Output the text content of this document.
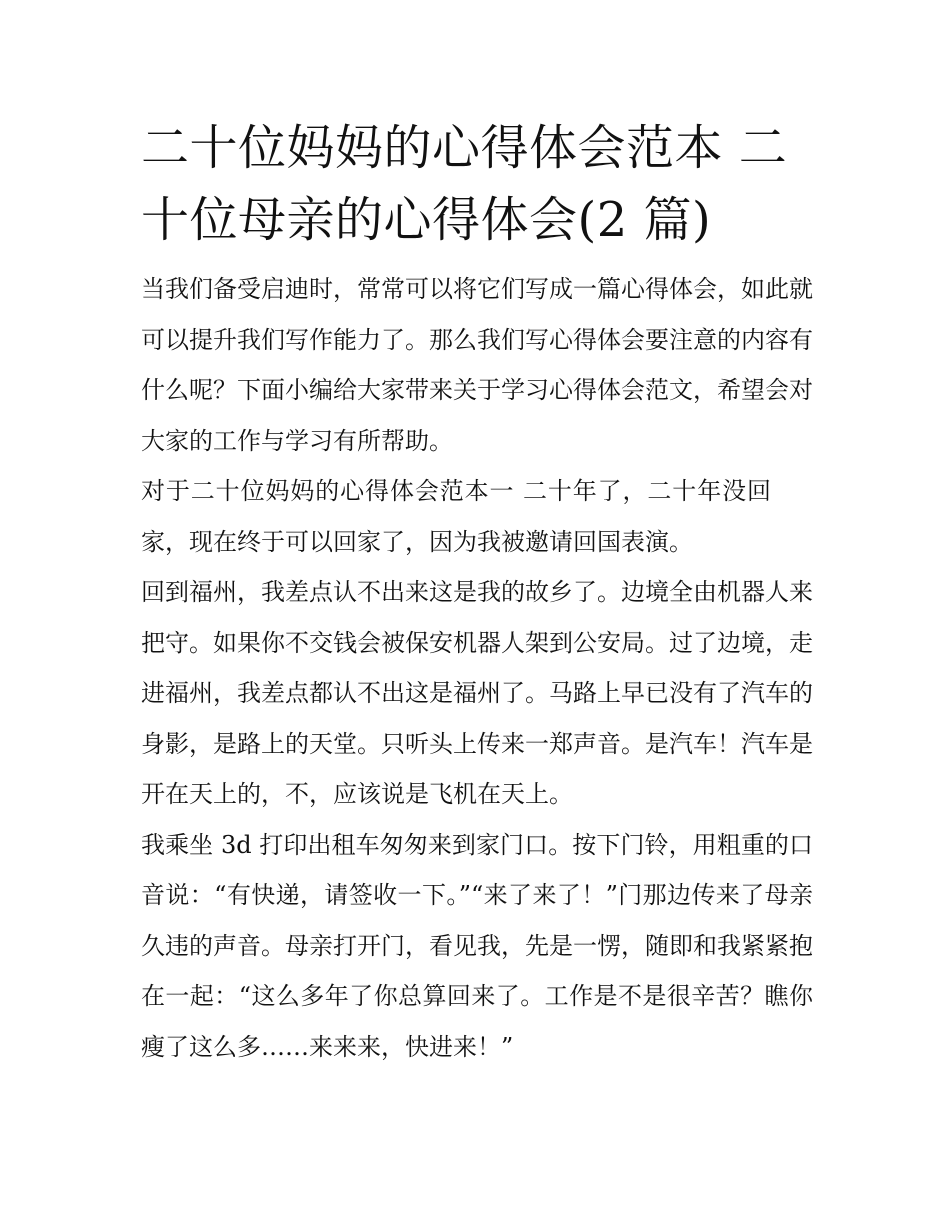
二十位妈妈的心得体会范本 二十位母亲的心得体会(2 篇)

当我们备受启迪时，常常可以将它们写成一篇心得体会，如此就可以提升我们写作能力了。那么我们写心得体会要注意的内容有什么呢？下面小编给大家带来关于学习心得体会范文，希望会对大家的工作与学习有所帮助。

对于二十位妈妈的心得体会范本一 二十年了，二十年没回家，现在终于可以回家了，因为我被邀请回国表演。

回到福州，我差点认不出来这是我的故乡了。边境全由机器人来把守。如果你不交钱会被保安机器人架到公安局。过了边境，走进福州，我差点都认不出这是福州了。马路上早已没有了汽车的身影，是路上的天堂。只听头上传来一郑声音。是汽车！汽车是开在天上的，不，应该说是飞机在天上。

我乘坐 3d 打印出租车匆匆来到家门口。按下门铃，用粗重的口音说：“有快递，请签收一下。”“来了来了！”门那边传来了母亲久违的声音。母亲打开门，看见我，先是一愣，随即和我紧紧抱在一起：“这么多年了你总算回来了。工作是不是很辛苦？瞧你瘦了这么多……来来来，快进来！”
